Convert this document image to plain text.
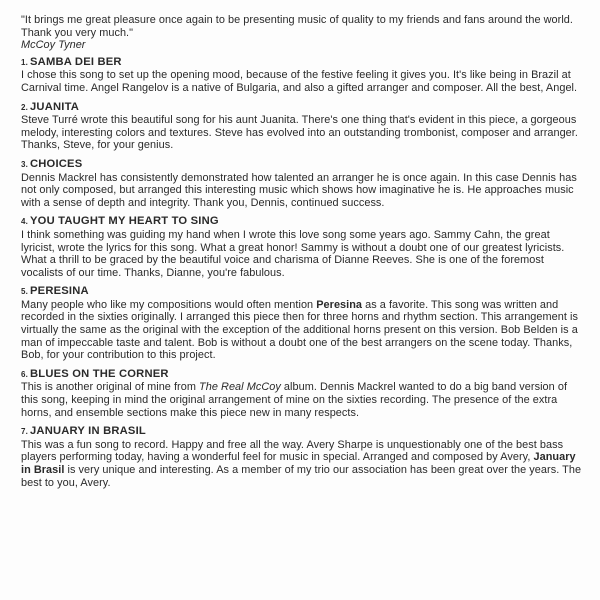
"It brings me great pleasure once again to be presenting music of quality to my friends and fans around the world. Thank you very much."

McCoy Tyner

1. SAMBA DEI BER

I chose this song to set up the opening mood, because of the festive feeling it gives you. It's like being in Brazil at Carnival time. Angel Rangelov is a native of Bulgaria, and also a gifted arranger and composer. All the best, Angel.

2. JUANITA

Steve Turré wrote this beautiful song for his aunt Juanita. There's one thing that's evident in this piece, a gorgeous melody, interesting colors and textures. Steve has evolved into an outstanding trombonist, composer and arranger. Thanks, Steve, for your genius.

3. CHOICES

Dennis Mackrel has consistently demonstrated how talented an arranger he is once again. In this case Dennis has not only composed, but arranged this interesting music which shows how imaginative he is. He approaches music with a sense of depth and integrity. Thank you, Dennis, continued success.

4. YOU TAUGHT MY HEART TO SING

I think something was guiding my hand when I wrote this love song some years ago. Sammy Cahn, the great lyricist, wrote the lyrics for this song. What a great honor! Sammy is without a doubt one of our greatest lyricists. What a thrill to be graced by the beautiful voice and charisma of Dianne Reeves. She is one of the foremost vocalists of our time. Thanks, Dianne, you're fabulous.

5. PERESINA

Many people who like my compositions would often mention Peresina as a favorite. This song was written and recorded in the sixties originally. I arranged this piece then for three horns and rhythm section. This arrangement is virtually the same as the original with the exception of the additional horns present on this version. Bob Belden is a man of impeccable taste and talent. Bob is without a doubt one of the best arrangers on the scene today. Thanks, Bob, for your contribution to this project.

6. BLUES ON THE CORNER

This is another original of mine from The Real McCoy album. Dennis Mackrel wanted to do a big band version of this song, keeping in mind the original arrangement of mine on the sixties recording. The presence of the extra horns, and ensemble sections make this piece new in many respects.

7. JANUARY IN BRASIL

This was a fun song to record. Happy and free all the way. Avery Sharpe is unquestionably one of the best bass players performing today, having a wonderful feel for music in special. Arranged and composed by Avery, January in Brasil is very unique and interesting. As a member of my trio our association has been great over the years. The best to you, Avery.
